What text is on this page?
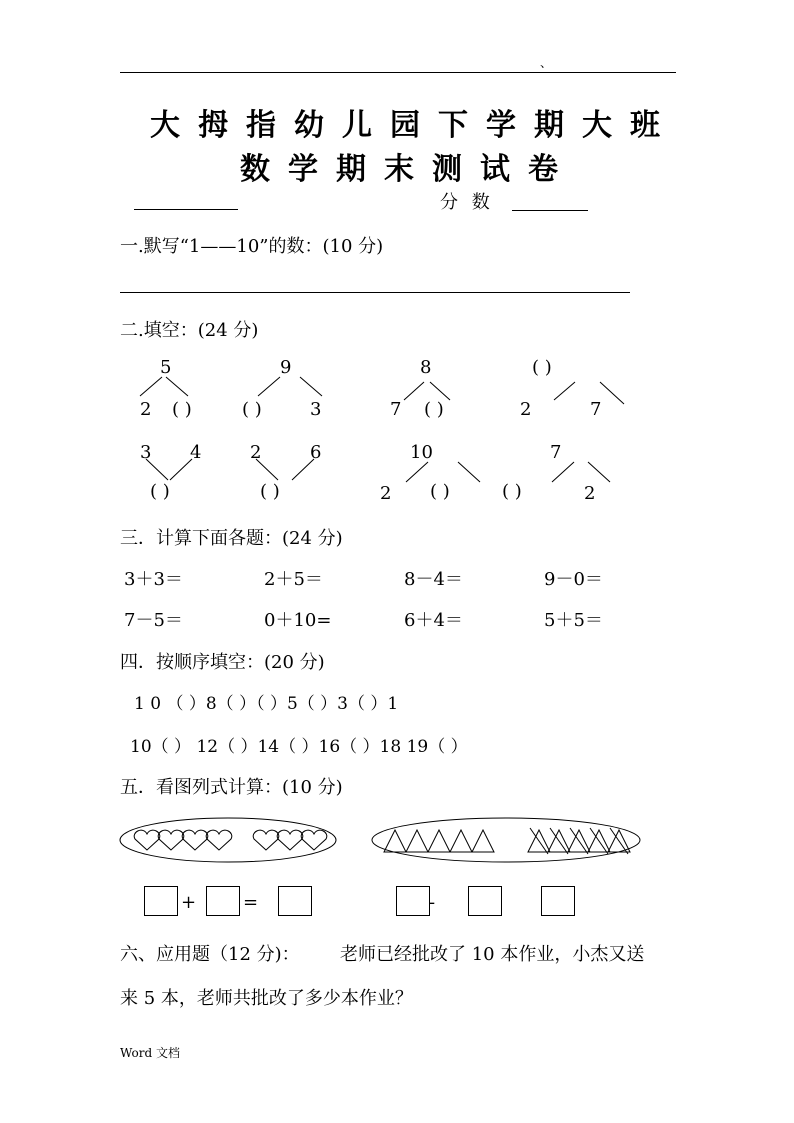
、
大拇指幼儿园下学期大班
数学期末测试卷
分 数
一.默写“1——10”的数：(10 分)
二.填空：(24 分)
5
2 ( )
9
( )	3
8
7 ( )
( )
2	7
3 4
( )
2	6
( )
10
2 ( )
7
( )	2
三．计算下面各题：(24 分)
3＋3＝	2＋5＝	8－4＝	9－0＝
7－5＝	0＋10=	6＋4＝	5＋5＝
四．按顺序填空：(20 分)
1 0 （ ）8（ ）（ ）5（ ）3（ ）1
10（ ） 12（ ）14（ ）16（ ）18 19（ ）
五．看图列式计算：(10 分)
+	=	-
六、应用题（12 分)： 老师已经批改了 10 本作业，小杰又送
来 5 本，老师共批改了多少本作业？
Word 文档
